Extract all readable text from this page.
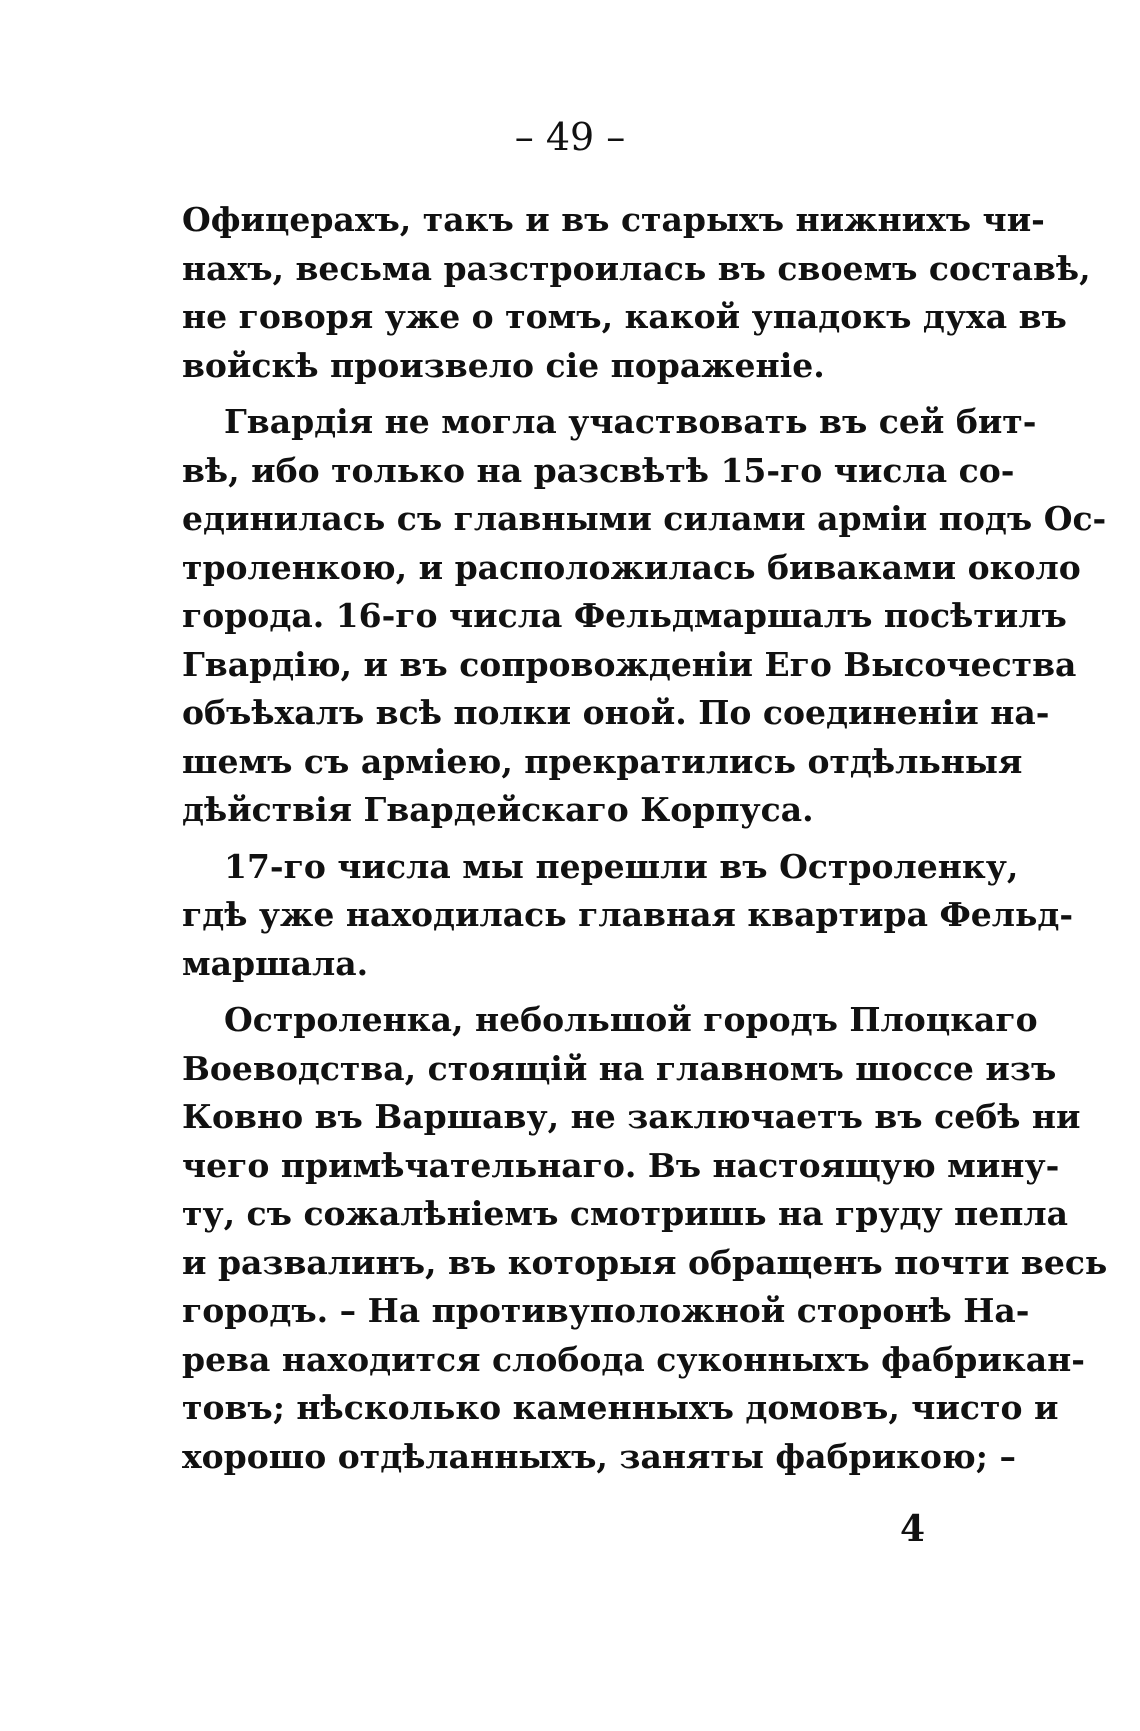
– 49 –
Офицерахъ, такъ и въ старыхъ нижнихъ чи-
нахъ, весьма разстроилась въ своемъ составѣ,
не говоря уже о томъ, какой упадокъ духа въ
войскѣ произвело сіе пораженіе.
Гвардія не могла участвовать въ сей бит-
вѣ, ибо только на разсвѣтѣ 15-го числа со-
единилась съ главными силами арміи подъ Ос-
троленкою, и расположилась биваками около
города. 16-го числа Фельдмаршалъ посѣтилъ
Гвардію, и въ сопровожденіи Его Высочества
объѣхалъ всѣ полки оной. По соединеніи на-
шемъ съ арміею, прекратились отдѣльныя
дѣйствія Гвардейскаго Корпуса.
17-го числа мы перешли въ Остроленку,
гдѣ уже находилась главная квартира Фельд-
маршала.
Остроленка, небольшой городъ Плоцкаго
Воеводства, стоящій на главномъ шоссе изъ
Ковно въ Варшаву, не заключаетъ въ себѣ ни
чего примѣчательнаго. Въ настоящую мину-
ту, съ сожалѣніемъ смотришь на груду пепла
и развалинъ, въ которыя обращенъ почти весь
городъ. – На противуположной сторонѣ На-
рева находится слобода суконныхъ фабрикан-
товъ; нѣсколько каменныхъ домовъ, чисто и
хорошо отдѣланныхъ, заняты фабрикою; –
4
